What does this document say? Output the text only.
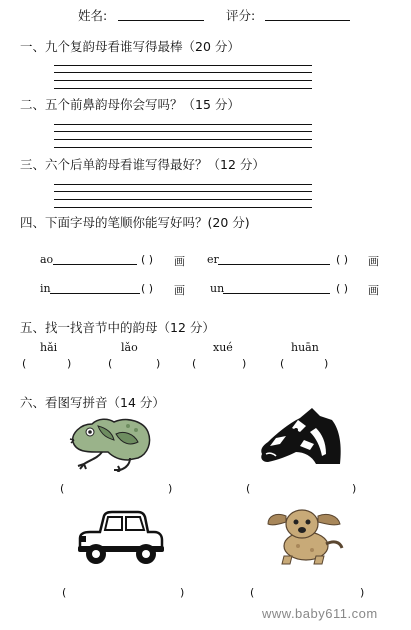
姓名:	评分:
一、九个复韵母看谁写得最棒（20 分）
二、五个前鼻韵母你会写吗？（15 分）
三、六个后单韵母看谁写得最好？（12 分）
四、下面字母的笔顺你能写好吗？(20 分)
ao	( ) 画 er	( ) 画
in	( ) 画 un	( ) 画
五、找一找音节中的韵母（12 分）
hǎi	lǎo	xué	huān
(	)	(	)	(	)	(	)
六、看图写拼音（14 分）
(	)	(	)
(	)	(	)
www.baby611.com
